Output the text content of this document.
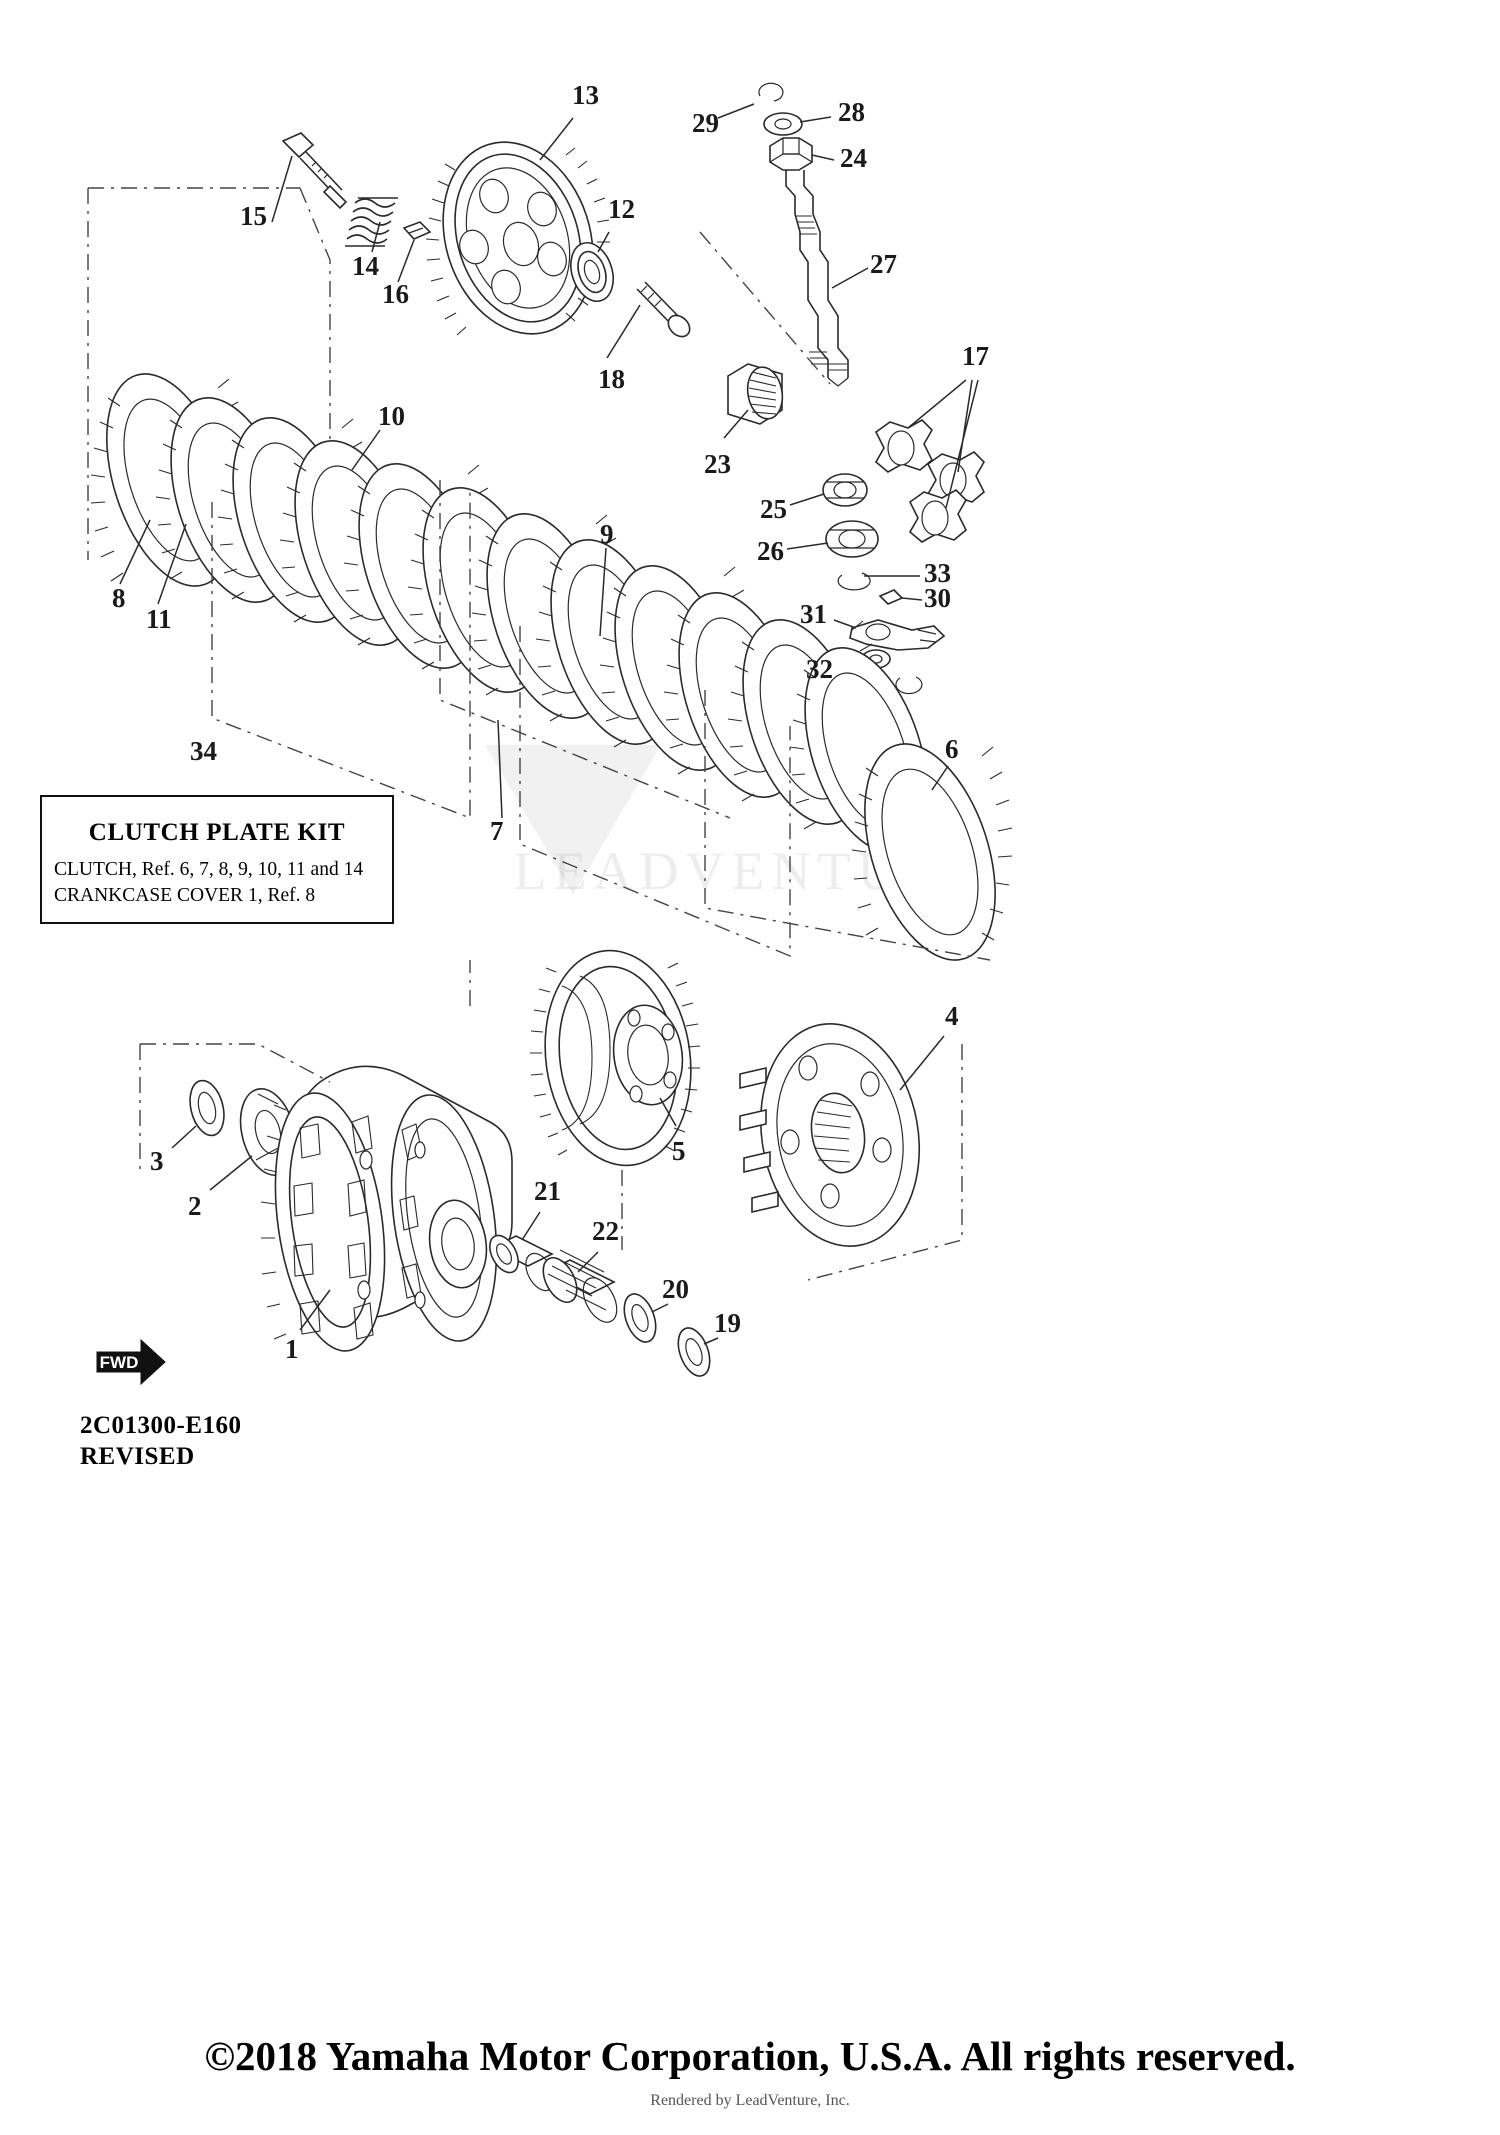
LEADVENTURE
1
2
3
4
5
6
7
8
9
10
11
12
13
14
15
16
17
18
19
20
21
22
23
24
25
26
27
28
29
30
31
32
33
34
CLUTCH PLATE KIT
CLUTCH, Ref. 6, 7, 8, 9, 10, 11 and 14
CRANKCASE COVER 1, Ref. 8
FWD
2C01300-E160
REVISED
©2018 Yamaha Motor Corporation, U.S.A. All rights reserved.
Rendered by LeadVenture, Inc.
